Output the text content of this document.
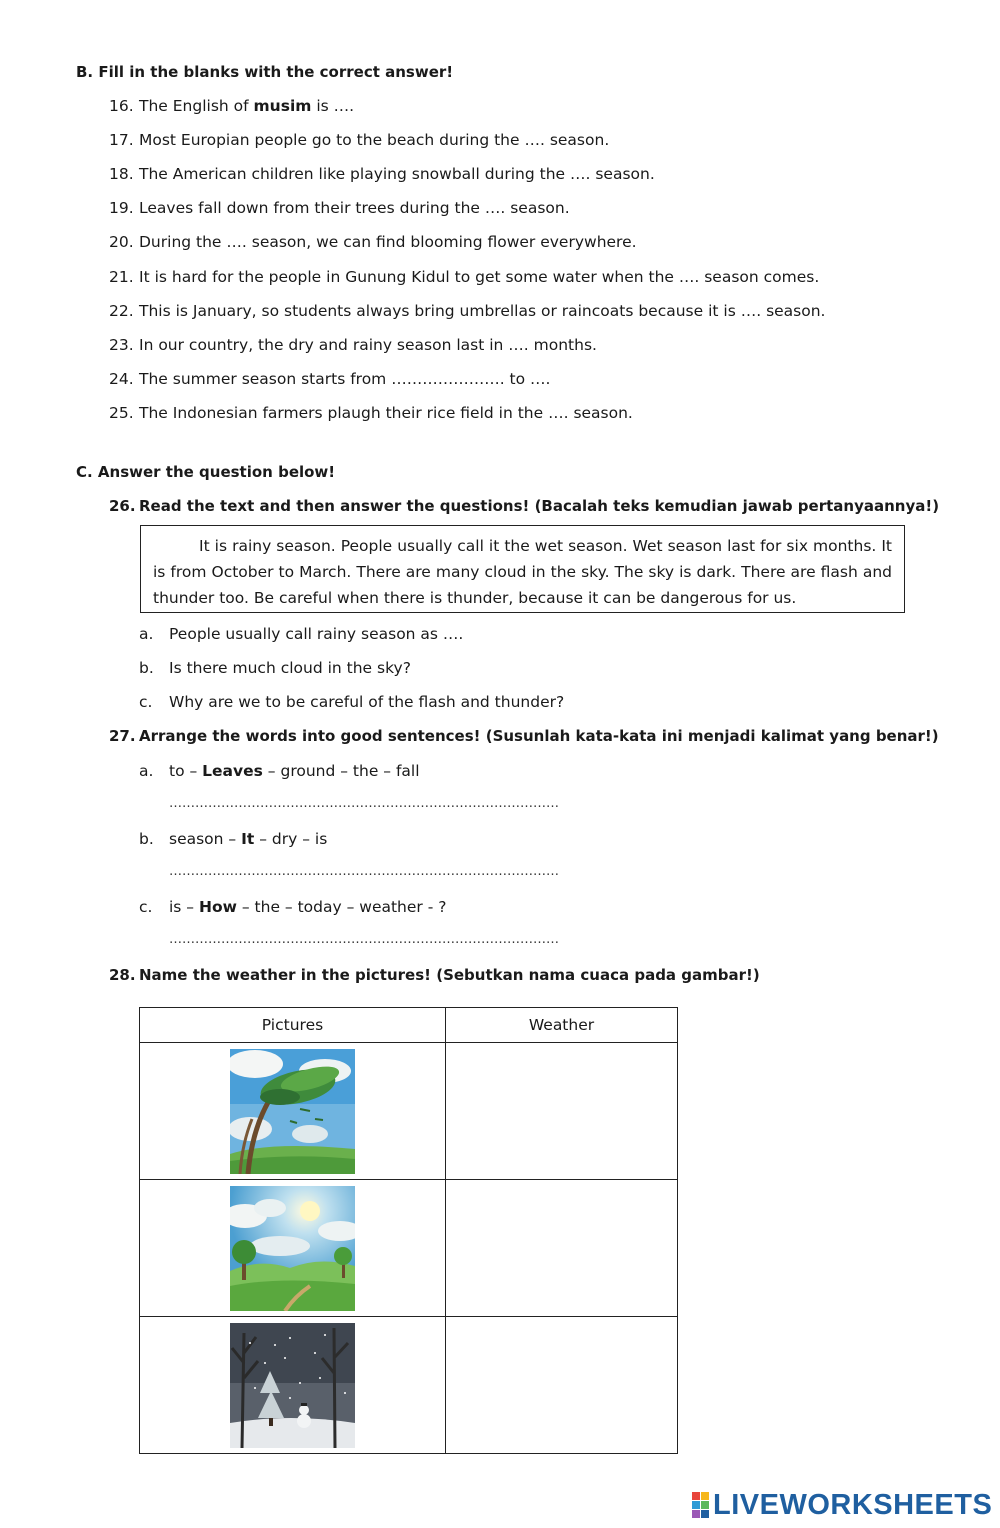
B. Fill in the blanks with the correct answer!
16. The English of musim is ….
17. Most Europian people go to the beach during the …. season.
18. The American children like playing snowball during the …. season.
19. Leaves fall down from their trees during the …. season.
20. During the …. season, we can find blooming flower everywhere.
21. It is hard for the people in Gunung Kidul to get some water when the …. season comes.
22. This is January, so students always bring umbrellas or raincoats because it is …. season.
23. In our country, the dry and rainy season last in …. months.
24. The summer season starts from …………………. to ….
25. The Indonesian farmers plaugh their rice field in the …. season.
C. Answer the question below!
26. Read the text and then answer the questions! (Bacalah teks kemudian jawab pertanyaannya!)
It is rainy season. People usually call it the wet season. Wet season last for six months. It is from October to March. There are many cloud in the sky. The sky is dark. There are flash and thunder too. Be careful when there is thunder, because it can be dangerous for us.
a. People usually call rainy season as ….
b. Is there much cloud in the sky?
c. Why are we to be careful of the flash and thunder?
27. Arrange the words into good sentences! (Susunlah kata-kata ini menjadi kalimat yang benar!)
a. to – Leaves – ground – the – fall
………………………………………………………………………………
b. season – It – dry – is
………………………………………………………………………………
c. is – How – the – today – weather - ?
………………………………………………………………………………
28. Name the weather in the pictures! (Sebutkan nama cuaca pada gambar!)
Pictures	Weather

LIVEWORKSHEETS
